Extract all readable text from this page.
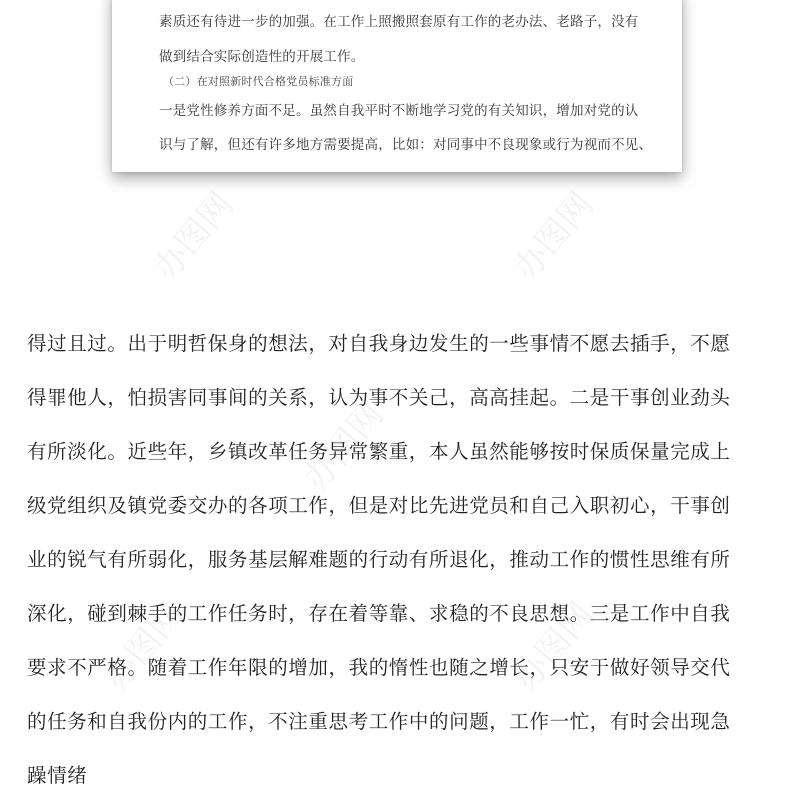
办图网	办图网
办图网
办图网	办图网
素质还有待进一步的加强。在工作上照搬照套原有工作的老办法、老路子，没有
做到结合实际创造性的开展工作。
（二）在对照新时代合格党员标准方面
一是党性修养方面不足。虽然自我平时不断地学习党的有关知识，增加对党的认
识与了解，但还有许多地方需要提高，比如：对同事中不良现象或行为视而不见、
得过且过。出于明哲保身的想法，对自我身边发生的一些事情不愿去插手，不愿
得罪他人，怕损害同事间的关系，认为事不关己，高高挂起。二是干事创业劲头
有所淡化。近些年，乡镇改革任务异常繁重，本人虽然能够按时保质保量完成上
级党组织及镇党委交办的各项工作，但是对比先进党员和自己入职初心，干事创
业的锐气有所弱化，服务基层解难题的行动有所退化，推动工作的惯性思维有所
深化，碰到棘手的工作任务时，存在着等靠、求稳的不良思想。三是工作中自我
要求不严格。随着工作年限的增加，我的惰性也随之增长，只安于做好领导交代
的任务和自我份内的工作，不注重思考工作中的问题，工作一忙，有时会出现急
躁情绪
